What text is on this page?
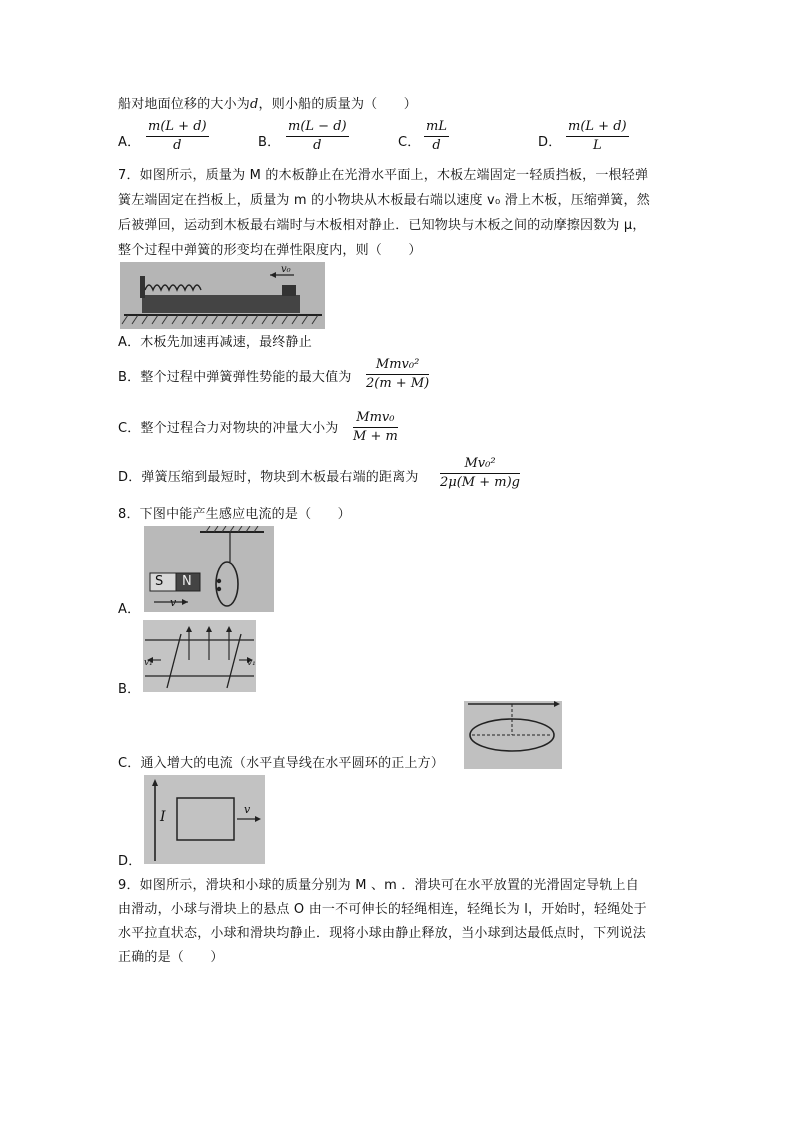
船对地面位移的大小为d，则小船的质量为（　　）
A． $\frac{m(L + d)}{d}$	B． $\frac{m(L - d)}{d}$	C． $\frac{mL}{d}$	D． $\frac{m(L + d)}{L}$
7．如图所示，质量为 M 的木板静止在光滑水平面上，木板左端固定一轻质挡板，一根轻弹
簧左端固定在挡板上，质量为 m 的小物块从木板最右端以速度 v₀ 滑上木板，压缩弹簧，然
后被弹回，运动到木板最右端时与木板相对静止．已知物块与木板之间的动摩擦因数为 μ，
整个过程中弹簧的形变均在弹性限度内，则（　　）
v₀
A．木板先加速再减速，最终静止
B．整个过程中弹簧弹性势能的最大值为
Mmv₀²
2(m + M)
C．整个过程合力对物块的冲量大小为
Mmv₀
M + m
D．弹簧压缩到最短时，物块到木板最右端的距离为 $\frac{\text{Mv₀²}}{2\mu(M + m)g}$
8．下图中能产生感应电流的是（　　）
A．
S N
v
B．
v₁	v₁
C．通入增大的电流（水平直导线在水平圆环的正上方）
D．
I	v
9．如图所示，滑块和小球的质量分别为 M 、m ．滑块可在水平放置的光滑固定导轨上自
由滑动，小球与滑块上的悬点 O 由一不可伸长的轻绳相连，轻绳长为 l，开始时，轻绳处于
水平拉直状态，小球和滑块均静止．现将小球由静止释放，当小球到达最低点时，下列说法
正确的是（　　）
